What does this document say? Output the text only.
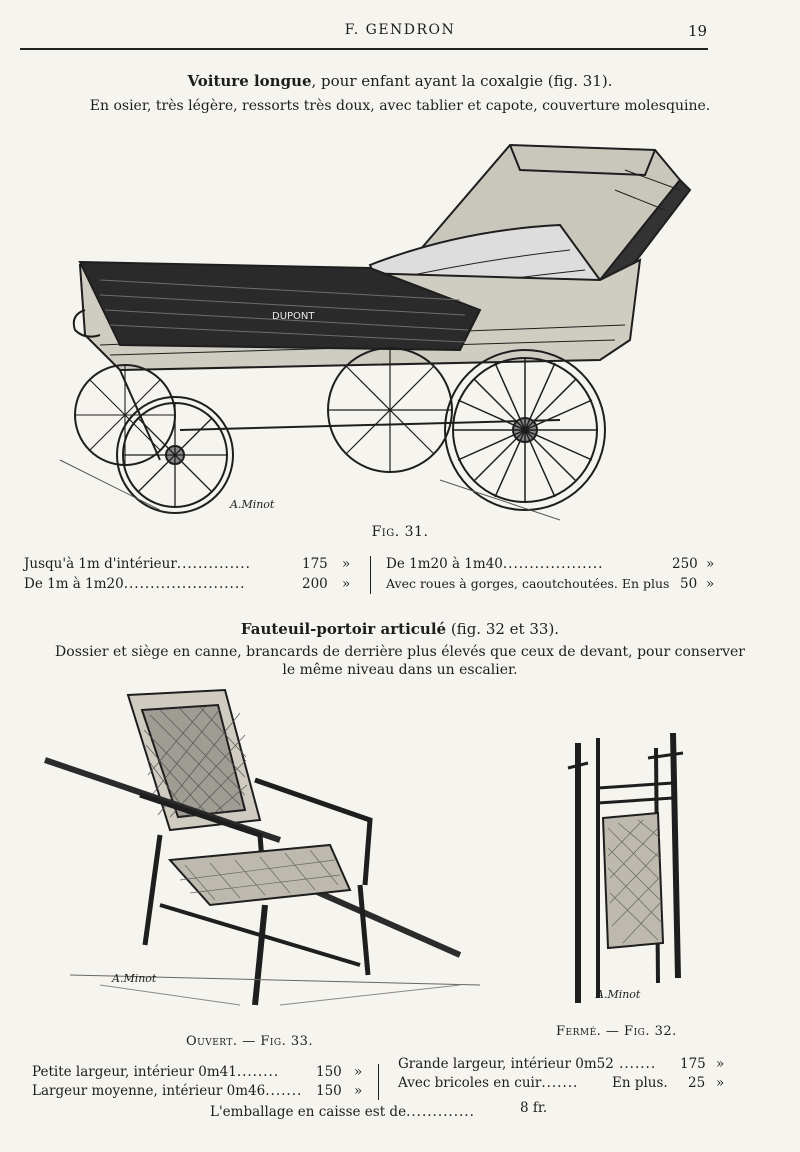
F. GENDRON	19
Voiture longue, pour enfant ayant la coxalgie (fig. 31).
En osier, très légère, ressorts très doux, avec tablier et capote, couverture molesquine.
DUPONT
A.Minot
Fig. 31.
Jusqu'à 1m d'intérieur..............	175 »
De 1m à 1m20.......................	200 »
De 1m20 à 1m40...................	250 »
Avec roues à gorges, caoutchoutées. En plus 50 »
Fauteuil-portoir articulé (fig. 32 et 33).
Dossier et siège en canne, brancards de derrière plus élevés que ceux de devant, pour conserver
le même niveau dans un escalier.
A.Minot
A.Minot
Ouvert. — Fig. 33.
Fermé. — Fig. 32.
Petite largeur, intérieur 0m41........	150 »
Largeur moyenne, intérieur 0m46....... 150 »
Grande largeur, intérieur 0m52 ....... 175 »
Avec bricoles en cuir....... En plus. 25 »
L'emballage en caisse est de.............	8 fr.
